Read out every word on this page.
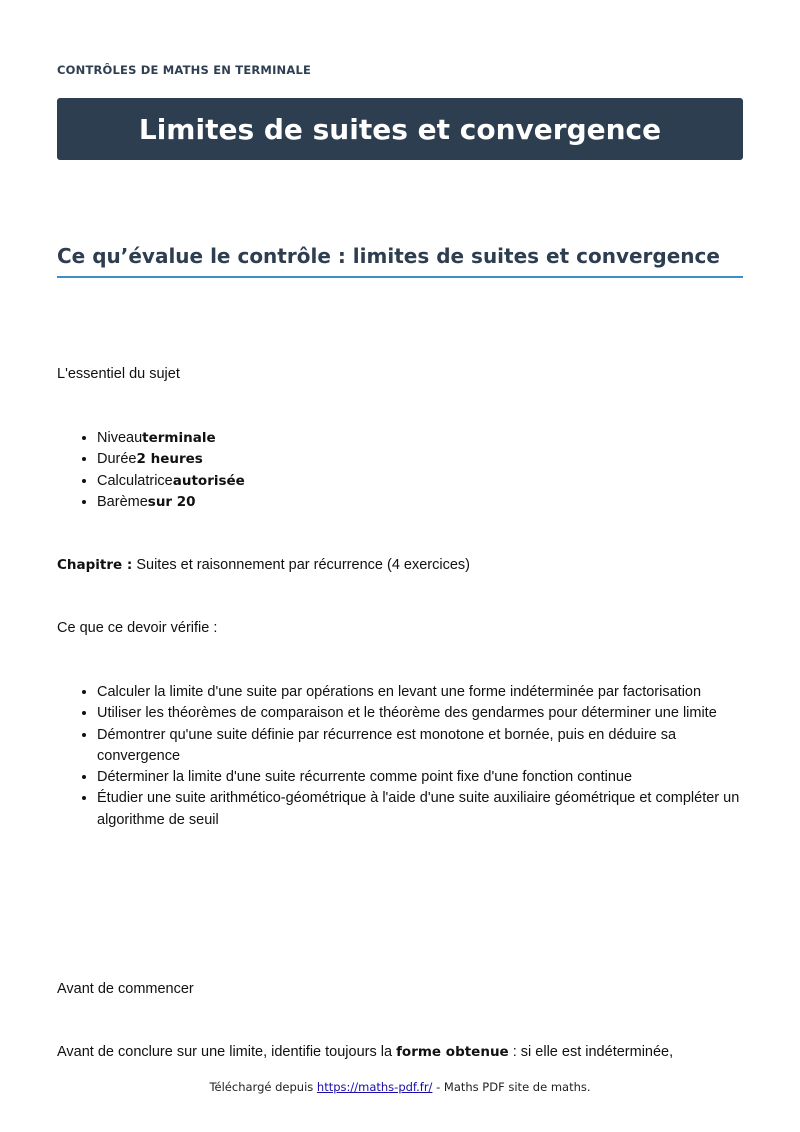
CONTRÔLES DE MATHS EN TERMINALE
Limites de suites et convergence
Ce qu’évalue le contrôle : limites de suites et convergence
L'essentiel du sujet
• Niveauterminale
• Durée2 heures
• Calculatriceautorisée
• Barèmesur 20
Chapitre : Suites et raisonnement par récurrence (4 exercices)
Ce que ce devoir vérifie :
• Calculer la limite d'une suite par opérations en levant une forme indéterminée par factorisation
• Utiliser les théorèmes de comparaison et le théorème des gendarmes pour déterminer une limite
• Démontrer qu'une suite définie par récurrence est monotone et bornée, puis en déduire sa convergence
• Déterminer la limite d'une suite récurrente comme point fixe d'une fonction continue
• Étudier une suite arithmético-géométrique à l'aide d'une suite auxiliaire géométrique et compléter un algorithme de seuil
Avant de commencer
Avant de conclure sur une limite, identifie toujours la forme obtenue : si elle est indéterminée,
Téléchargé depuis https://maths-pdf.fr/ - Maths PDF site de maths.
